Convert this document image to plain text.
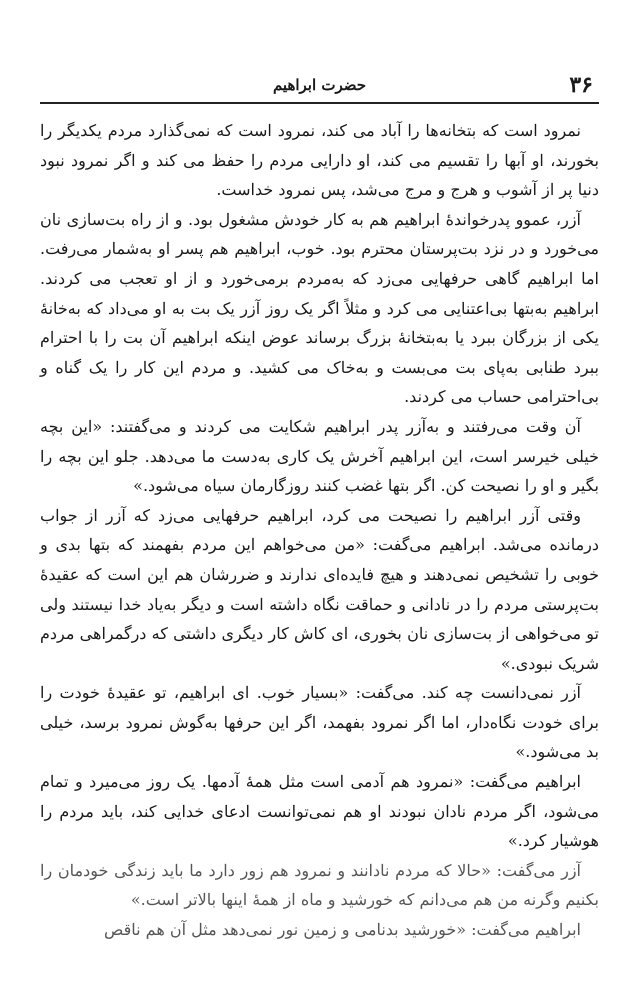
۳۶
حضرت ابراهیم

نمرود است که بتخانه‌ها را آباد می کند، نمرود است که نمی‌گذارد مردم یکدیگر را بخورند، او آبها را تقسیم می کند، او دارایی مردم را حفظ می کند و اگر نمرود نبود دنیا پر از آشوب و هرج و مرج می‌شد، پس نمرود خداست.

آزر، عموو پدرخواندهٔ ابراهیم هم به کار خودش مشغول بود. و از راه بت‌سازی نان می‌خورد و در نزد بت‌پرستان محترم بود. خوب، ابراهیم هم پسر او به‌شمار می‌رفت. اما ابراهیم گاهی حرفهایی می‌زد که به‌مردم برمی‌خورد و از او تعجب می کردند. ابراهیم به‌بتها بی‌اعتنایی می کرد و مثلاً اگر یک روز آزر یک بت به او می‌داد که به‌خانهٔ یکی از بزرگان ببرد یا به‌بتخانهٔ بزرگ برساند عوض اینکه ابراهیم آن بت را با احترام ببرد طنابی به‌پای بت می‌بست و به‌خاک می کشید. و مردم این کار را یک گناه و بی‌احترامی حساب می کردند.

آن وقت می‌رفتند و به‌آزر پدر ابراهیم شکایت می کردند و می‌گفتند: «این بچه خیلی خیرسر است، این ابراهیم آخرش یک کاری به‌دست ما می‌دهد. جلو این بچه را بگیر و او را نصیحت کن. اگر بتها غضب کنند روزگارمان سیاه می‌شود.»

وقتی آزر ابراهیم را نصیحت می کرد، ابراهیم حرفهایی می‌زد که آزر از جواب درمانده می‌شد. ابراهیم می‌گفت: «من می‌خواهم این مردم بفهمند که بتها بدی و خوبی را تشخیص نمی‌دهند و هیچ فایده‌ای ندارند و ضررشان هم این است که عقیدهٔ بت‌پرستی مردم را در نادانی و حماقت نگاه داشته است و دیگر به‌یاد خدا نیستند ولی تو می‌خواهی از بت‌سازی نان بخوری، ای کاش کار دیگری داشتی که درگمراهی مردم شریک نبودی.»

آزر نمی‌دانست چه کند. می‌گفت: «بسیار خوب. ای ابراهیم، تو عقیدهٔ خودت را برای خودت نگاه‌دار، اما اگر نمرود بفهمد، اگر این حرفها به‌گوش نمرود برسد، خیلی بد می‌شود.»

ابراهیم می‌گفت: «نمرود هم آدمی است مثل همهٔ آدمها. یک روز می‌میرد و تمام می‌شود، اگر مردم نادان نبودند او هم نمی‌توانست ادعای خدایی کند، باید مردم را هوشیار کرد.»

آزر می‌گفت: «حالا که مردم نادانند و نمرود هم زور دارد ما باید زندگی خودمان را بکنیم وگرنه من هم می‌دانم که خورشید و ماه از همهٔ اینها بالاتر است.»

ابراهیم می‌گفت: «خورشید بدنامی و زمین نور نمی‌دهد مثل آن هم ناقص
